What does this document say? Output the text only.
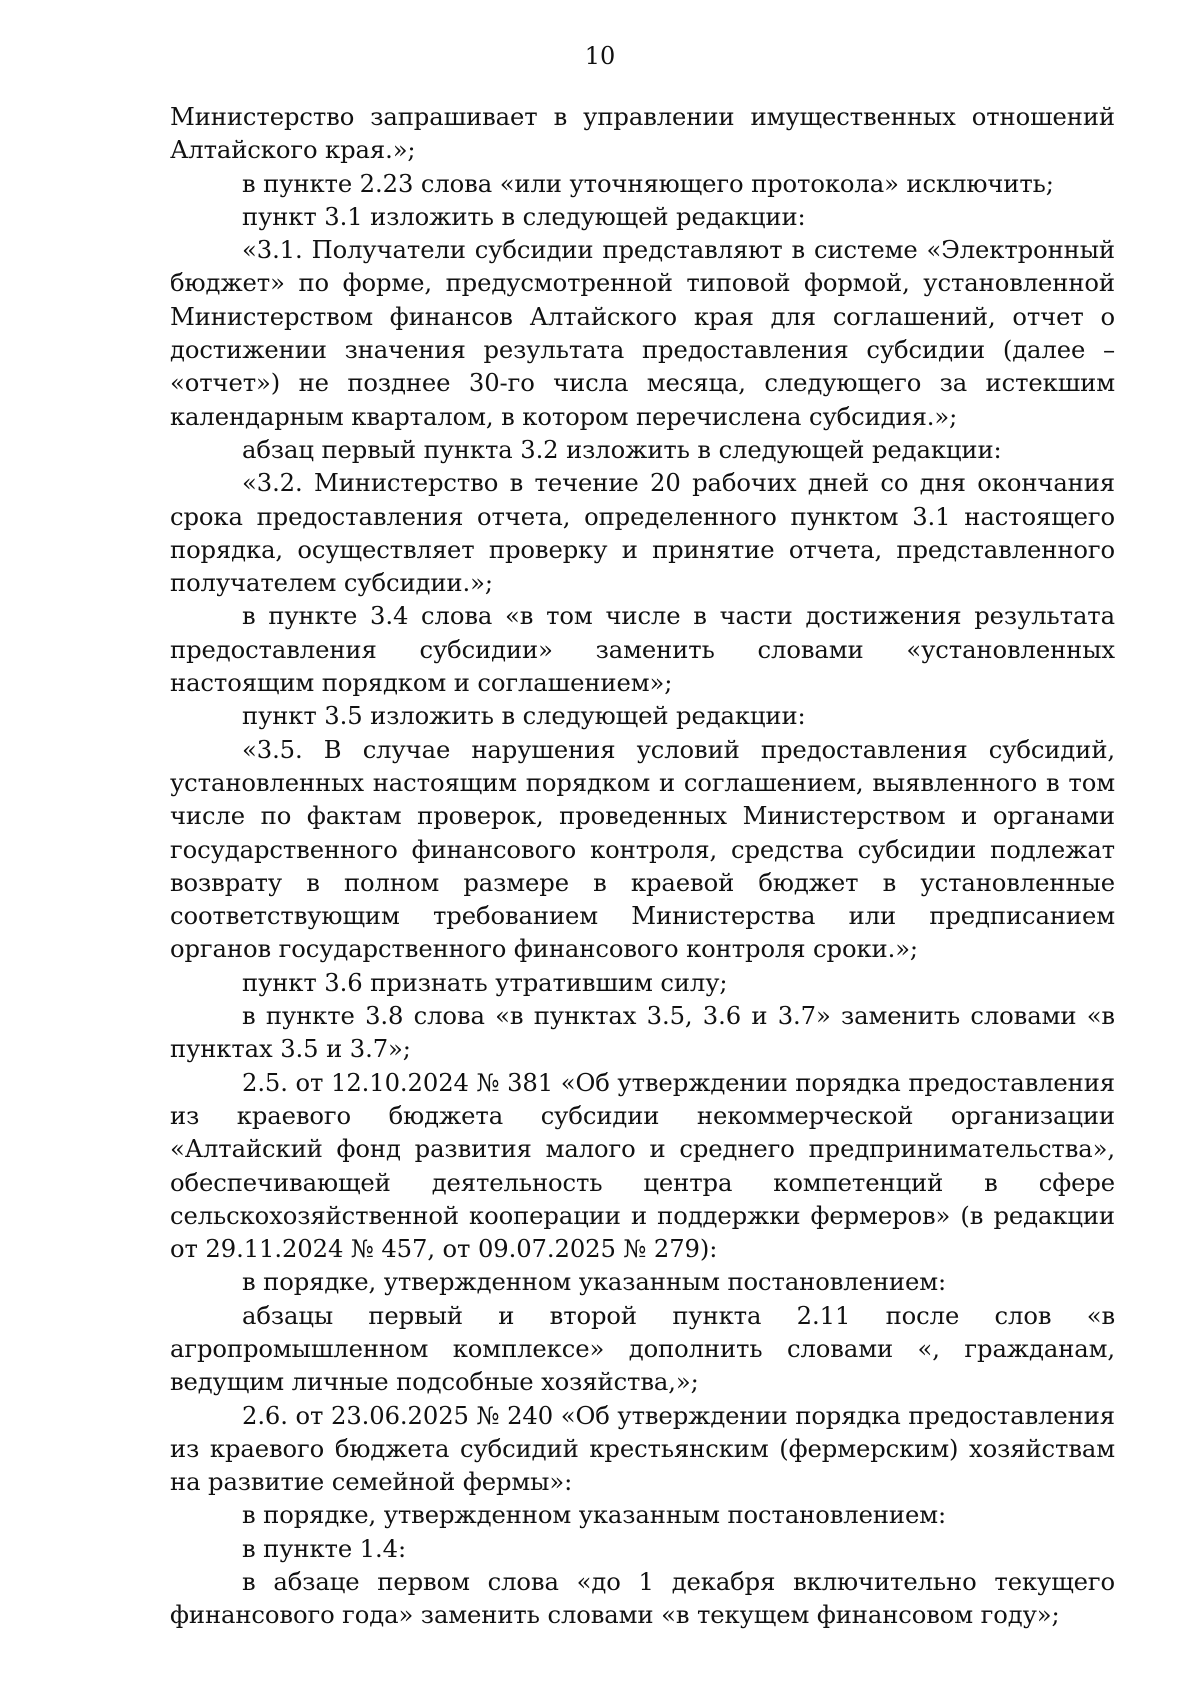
10

Министерство запрашивает в управлении имущественных отношений Алтайского края.»;

в пункте 2.23 слова «или уточняющего протокола» исключить;

пункт 3.1 изложить в следующей редакции:

«3.1. Получатели субсидии представляют в системе «Электронный бюджет» по форме, предусмотренной типовой формой, установленной Министерством финансов Алтайского края для соглашений, отчет о достижении значения результата предоставления субсидии (далее – «отчет») не позднее 30-го числа месяца, следующего за истекшим календарным кварталом, в котором перечислена субсидия.»;

абзац первый пункта 3.2 изложить в следующей редакции:

«3.2. Министерство в течение 20 рабочих дней со дня окончания срока предоставления отчета, определенного пунктом 3.1 настоящего порядка, осуществляет проверку и принятие отчета, представленного получателем субсидии.»;

в пункте 3.4 слова «в том числе в части достижения результата предоставления субсидии» заменить словами «установленных настоящим порядком и соглашением»;

пункт 3.5 изложить в следующей редакции:

«3.5. В случае нарушения условий предоставления субсидий, установленных настоящим порядком и соглашением, выявленного в том числе по фактам проверок, проведенных Министерством и органами государственного финансового контроля, средства субсидии подлежат возврату в полном размере в краевой бюджет в установленные соответствующим требованием Министерства или предписанием органов государственного финансового контроля сроки.»;

пункт 3.6 признать утратившим силу;

в пункте 3.8 слова «в пунктах 3.5, 3.6 и 3.7» заменить словами «в пунктах 3.5 и 3.7»;

2.5. от 12.10.2024 № 381 «Об утверждении порядка предоставления из краевого бюджета субсидии некоммерческой организации «Алтайский фонд развития малого и среднего предпринимательства», обеспечивающей деятельность центра компетенций в сфере сельскохозяйственной кооперации и поддержки фермеров» (в редакции от 29.11.2024 № 457, от 09.07.2025 № 279):

в порядке, утвержденном указанным постановлением:

абзацы первый и второй пункта 2.11 после слов «в агропромышленном комплексе» дополнить словами «, гражданам, ведущим личные подсобные хозяйства,»;

2.6. от 23.06.2025 № 240 «Об утверждении порядка предоставления из краевого бюджета субсидий крестьянским (фермерским) хозяйствам на развитие семейной фермы»:

в порядке, утвержденном указанным постановлением:

в пункте 1.4:

в абзаце первом слова «до 1 декабря включительно текущего финансового года» заменить словами «в текущем финансовом году»;
